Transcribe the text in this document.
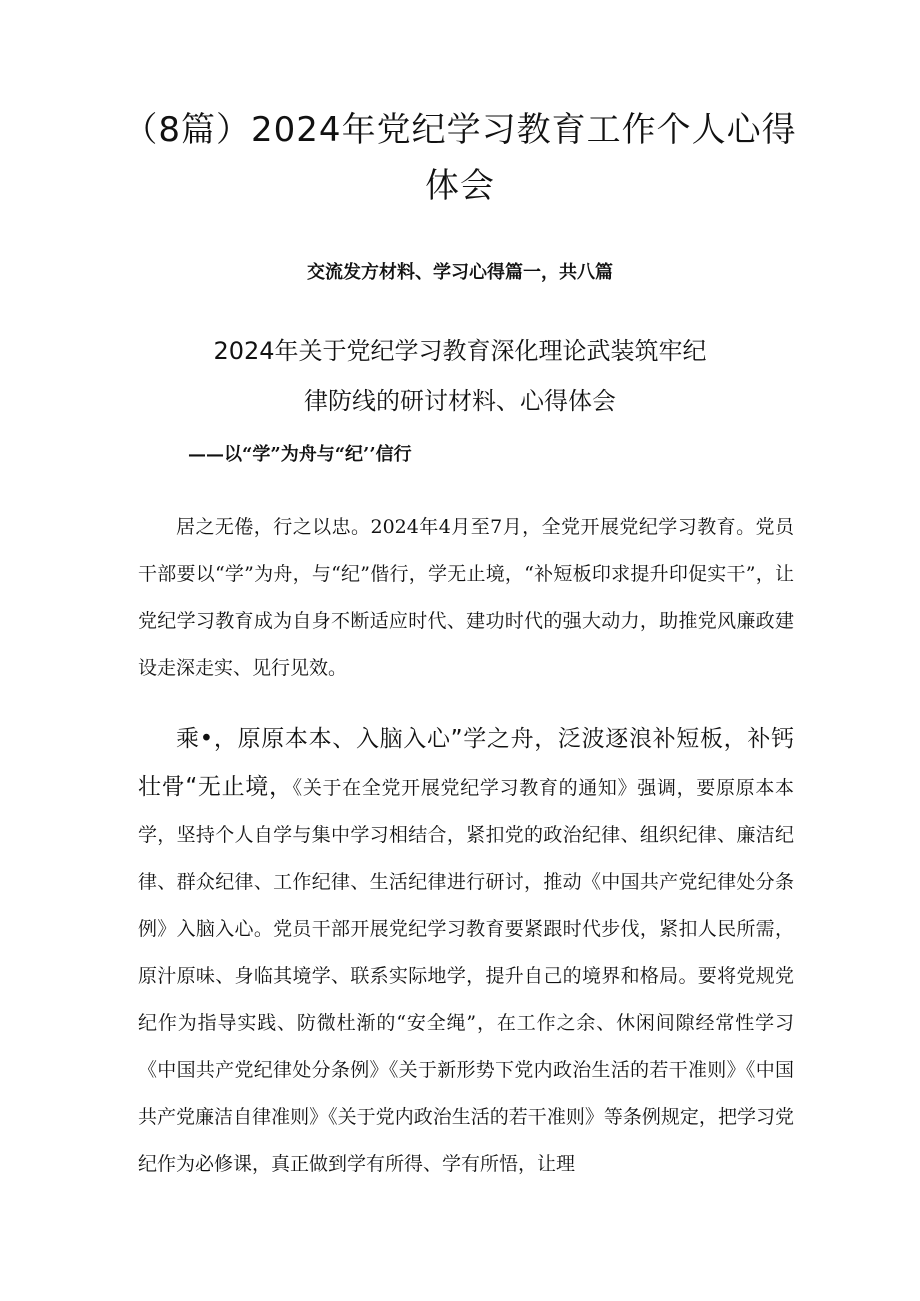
（8篇）2024年党纪学习教育工作个人心得体会
交流发方材料、学习心得篇一，共八篇
2024年关于党纪学习教育深化理论武装筑牢纪
律防线的研讨材料、心得体会
——以“学”为舟与“纪’’信行

居之无倦，行之以忠。2024年4月至7月，全党开展党纪学习教育。党员干部要以“学”为舟，与“纪”偕行，学无止境，“补短板印求提升印促实干”，让党纪学习教育成为自身不断适应时代、建功时代的强大动力，助推党风廉政建设走深走实、见行见效。

乘•，原原本本、入脑入心”学之舟，泛波逐浪补短板，补钙壮骨“无止境，《关于在全党开展党纪学习教育的通知》强调，要原原本本学，坚持个人自学与集中学习相结合，紧扣党的政治纪律、组织纪律、廉洁纪律、群众纪律、工作纪律、生活纪律进行研讨，推动《中国共产党纪律处分条例》入脑入心。党员干部开展党纪学习教育要紧跟时代步伐，紧扣人民所需，原汁原味、身临其境学、联系实际地学，提升自己的境界和格局。要将党规党纪作为指导实践、防微杜渐的“安全绳”，在工作之余、休闲间隙经常性学习《中国共产党纪律处分条例》《关于新形势下党内政治生活的若干准则》《中国共产党廉洁自律准则》《关于党内政治生活的若干准则》等条例规定，把学习党纪作为必修课，真正做到学有所得、学有所悟，让理
